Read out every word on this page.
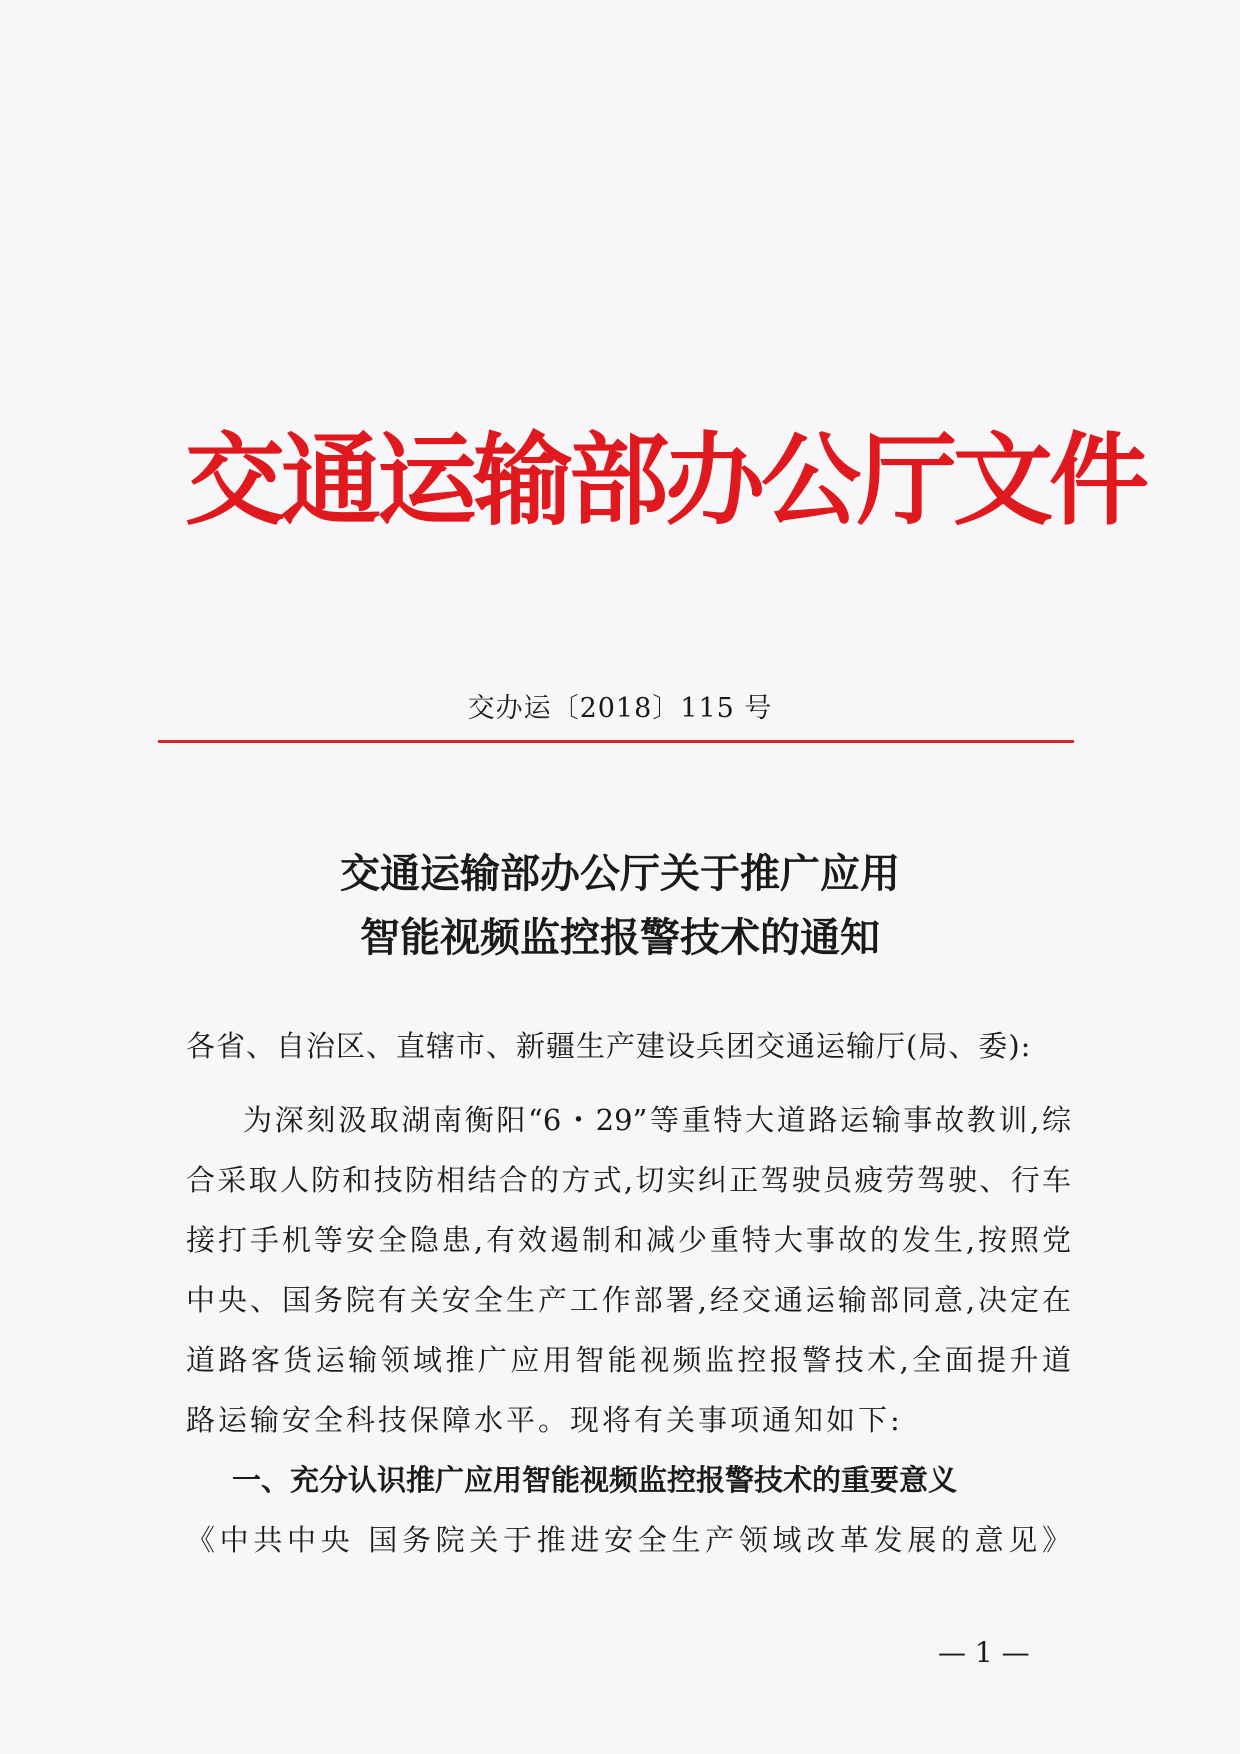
交通运输部办公厅文件
交办运〔2018〕115 号
交通运输部办公厅关于推广应用
智能视频监控报警技术的通知
各省、自治区、直辖市、新疆生产建设兵团交通运输厅(局、委):
为深刻汲取湖南衡阳“6・29”等重特大道路运输事故教训,综
合采取人防和技防相结合的方式,切实纠正驾驶员疲劳驾驶、行车
接打手机等安全隐患,有效遏制和减少重特大事故的发生,按照党
中央、国务院有关安全生产工作部署,经交通运输部同意,决定在
道路客货运输领域推广应用智能视频监控报警技术,全面提升道
路运输安全科技保障水平。现将有关事项通知如下:
一、充分认识推广应用智能视频监控报警技术的重要意义
《中共中央 国务院关于推进安全生产领域改革发展的意见》
— 1 —
